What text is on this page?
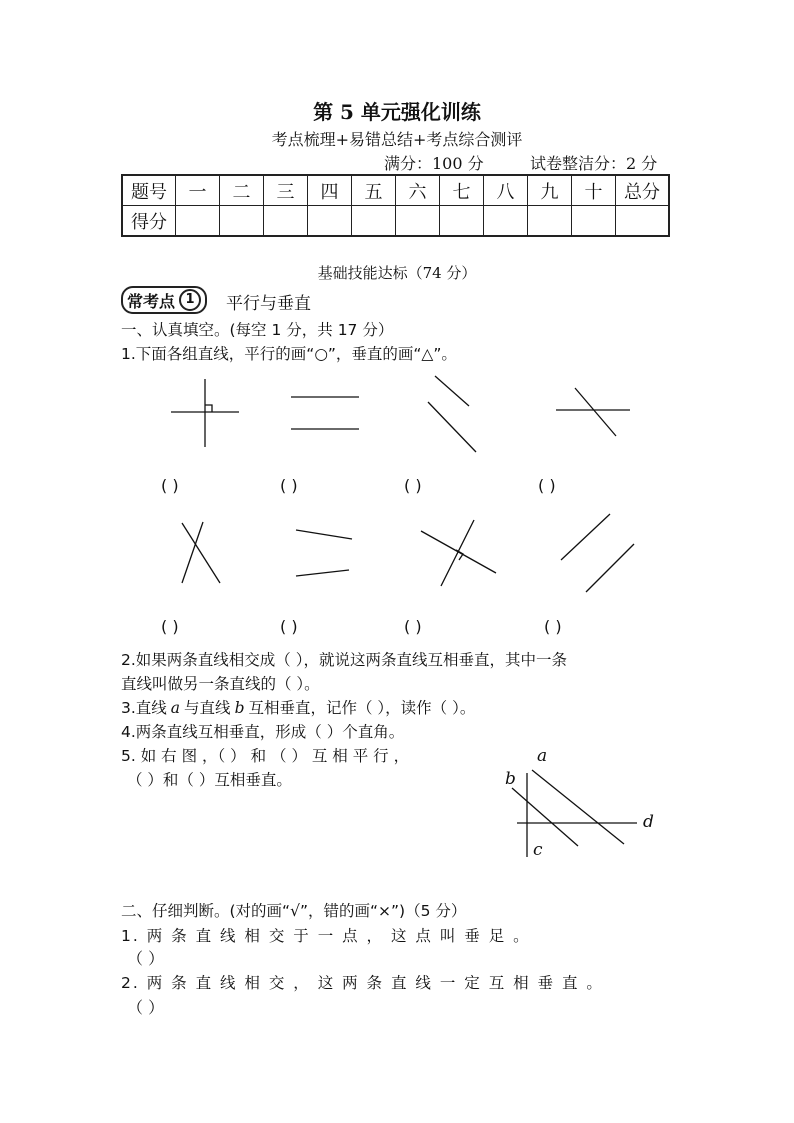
第 5 单元强化训练
考点梳理+易错总结+考点综合测评
满分：100 分	试卷整洁分：2 分
题号	一	二	三	四	五	六	七	八	九	十	总分
得分											
基础技能达标（74 分）
常考点 1	平行与垂直
一、认真填空。(每空 1 分，共 17 分）
1.下面各组直线，平行的画“○”，垂直的画“△”。
( )	( )	( )	( )
( )	( )	( )	( )
2.如果两条直线相交成（ ），就说这两条直线互相垂直，其中一条
直线叫做另一条直线的（ ）。
3.直线 a 与直线 b 互相垂直，记作（ ），读作（ ）。
4.两条直线互相垂直，形成（ ）个直角。
5. 如 右 图 ，（ ） 和 （ ） 互 相 平 行 ，
（ ）和（ ）互相垂直。
a
b
c
d
二、仔细判断。(对的画“√”，错的画“×”)（5 分）
1. 两 条 直 线 相 交 于 一 点 ， 这 点 叫 垂 足 。
（ ）
2. 两 条 直 线 相 交 ， 这 两 条 直 线 一 定 互 相 垂 直 。
（ ）
